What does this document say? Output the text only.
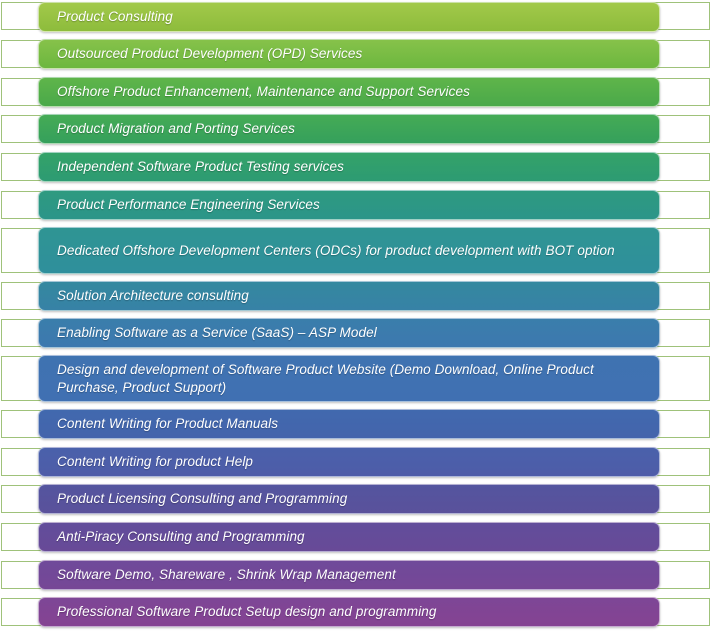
Product Consulting
Outsourced Product Development (OPD) Services
Offshore Product Enhancement, Maintenance and Support Services
Product Migration and Porting Services
Independent Software Product Testing services
Product Performance Engineering Services
Dedicated Offshore Development Centers (ODCs) for product development with BOT option
Solution Architecture consulting
Enabling Software as a Service (SaaS) – ASP Model
Design and development of Software Product Website (Demo Download, Online Product Purchase, Product Support)
Content Writing for Product Manuals
Content Writing for product Help
Product Licensing Consulting and Programming
Anti-Piracy Consulting and Programming
Software Demo, Shareware , Shrink Wrap Management
Professional Software Product Setup design and programming
